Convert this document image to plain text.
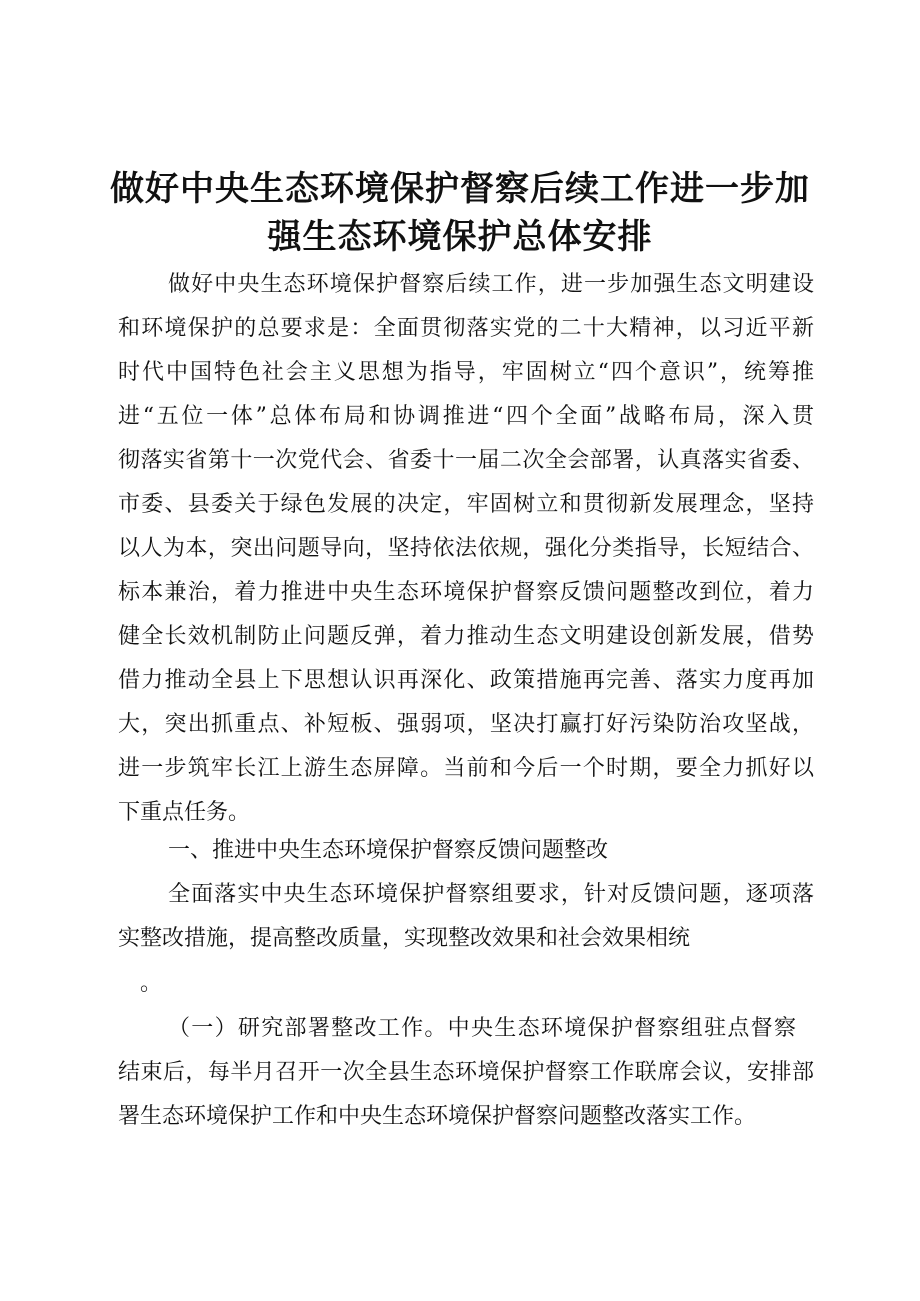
做好中央生态环境保护督察后续工作进一步加
强生态环境保护总体安排
做好中央生态环境保护督察后续工作，进一步加强生态文明建设
和环境保护的总要求是：全面贯彻落实党的二十大精神，以习近平新
时代中国特色社会主义思想为指导，牢固树立“四个意识”，统筹推
进“五位一体”总体布局和协调推进“四个全面”战略布局，深入贯
彻落实省第十一次党代会、省委十一届二次全会部署，认真落实省委、
市委、县委关于绿色发展的决定，牢固树立和贯彻新发展理念，坚持
以人为本，突出问题导向，坚持依法依规，强化分类指导，长短结合、
标本兼治，着力推进中央生态环境保护督察反馈问题整改到位，着力
健全长效机制防止问题反弹，着力推动生态文明建设创新发展，借势
借力推动全县上下思想认识再深化、政策措施再完善、落实力度再加
大，突出抓重点、补短板、强弱项，坚决打赢打好污染防治攻坚战，
进一步筑牢长江上游生态屏障。当前和今后一个时期，要全力抓好以
下重点任务。
一、推进中央生态环境保护督察反馈问题整改
全面落实中央生态环境保护督察组要求，针对反馈问题，逐项落
实整改措施，提高整改质量，实现整改效果和社会效果相统
。
（一）研究部署整改工作。中央生态环境保护督察组驻点督察
结束后，每半月召开一次全县生态环境保护督察工作联席会议，安排部
署生态环境保护工作和中央生态环境保护督察问题整改落实工作。
